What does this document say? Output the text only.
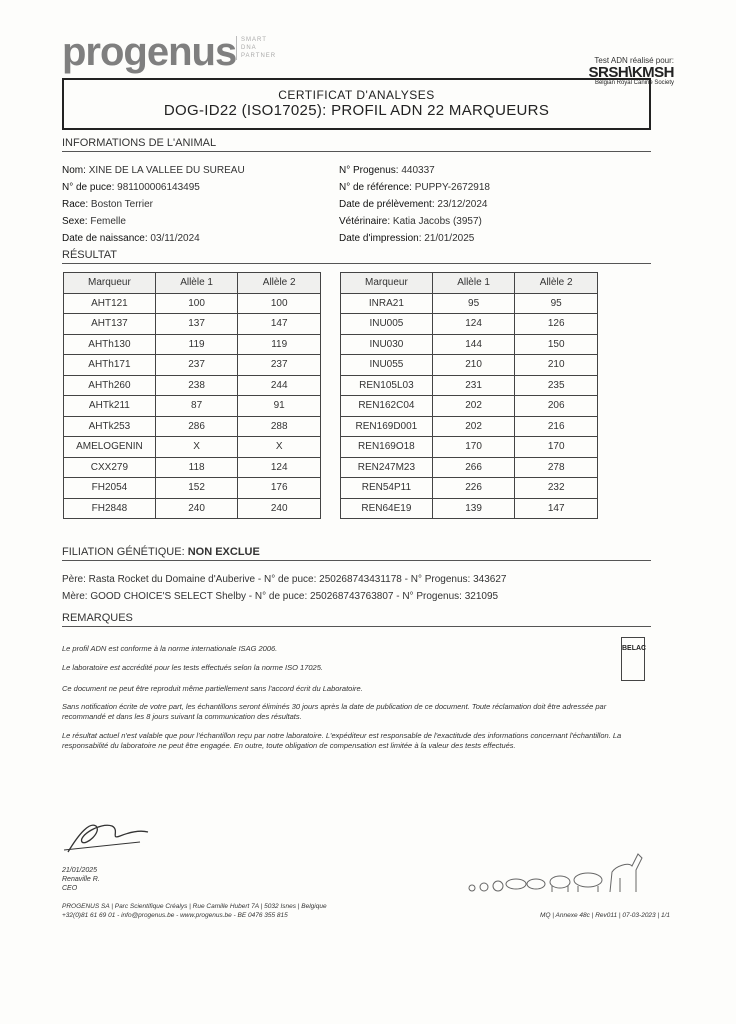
progenus SMART
DNA
PARTNER	Test ADN réalisé pour:
SRSH\KMSH
Belgian Royal Canine Society
CERTIFICAT D'ANALYSES
DOG-ID22 (ISO17025): PROFIL ADN 22 MARQUEURS
INFORMATIONS DE L'ANIMAL
Nom: XINE DE LA VALLEE DU SUREAU
N° de puce: 981100006143495
Race: Boston Terrier
Sexe: Femelle
Date de naissance: 03/11/2024
N° Progenus: 440337
N° de référence: PUPPY-2672918
Date de prélèvement: 23/12/2024
Vétérinaire: Katia Jacobs (3957)
Date d'impression: 21/01/2025
RÉSULTAT
Marqueur	Allèle 1	Allèle 2
AHT121	100	100
AHT137	137	147
AHTh130	119	119
AHTh171	237	237
AHTh260	238	244
AHTk211	87	91
AHTk253	286	288
AMELOGENIN	X	X
CXX279	118	124
FH2054	152	176
FH2848	240	240
Marqueur	Allèle 1	Allèle 2
INRA21	95	95
INU005	124	126
INU030	144	150
INU055	210	210
REN105L03	231	235
REN162C04	202	206
REN169D001	202	216
REN169O18	170	170
REN247M23	266	278
REN54P11	226	232
REN64E19	139	147
FILIATION GÉNÉTIQUE: NON EXCLUE
Père: Rasta Rocket du Domaine d'Auberive - N° de puce: 250268743431178 - N° Progenus: 343627
Mère: GOOD CHOICE'S SELECT Shelby - N° de puce: 250268743763807 - N° Progenus: 321095
REMARQUES
Le profil ADN est conforme à la norme internationale ISAG 2006.
Le laboratoire est accrédité pour les tests effectués selon la norme ISO 17025.
Ce document ne peut être reproduit même partiellement sans l'accord écrit du Laboratoire.
Sans notification écrite de votre part, les échantillons seront éliminés 30 jours après la date de publication de ce document. Toute réclamation doit être adressée par recommandé et dans les 8 jours suivant la communication des résultats.
Le résultat actuel n'est valable que pour l'échantillon reçu par notre laboratoire. L'expéditeur est responsable de l'exactitude des informations concernant l'échantillon. La responsabilité du laboratoire ne peut être engagée. En outre, toute obligation de compensation est limitée à la valeur des tests effectués.
BELAC
21/01/2025
Renaville R.
CEO
PROGENUS SA | Parc Scientifique Créalys | Rue Camille Hubert 7A | 5032 Isnes | Belgique
+32(0)81 61 69 01 - info@progenus.be - www.progenus.be - BE 0476 355 815	MQ | Annexe 48c | Rev011 | 07-03-2023 | 1/1
